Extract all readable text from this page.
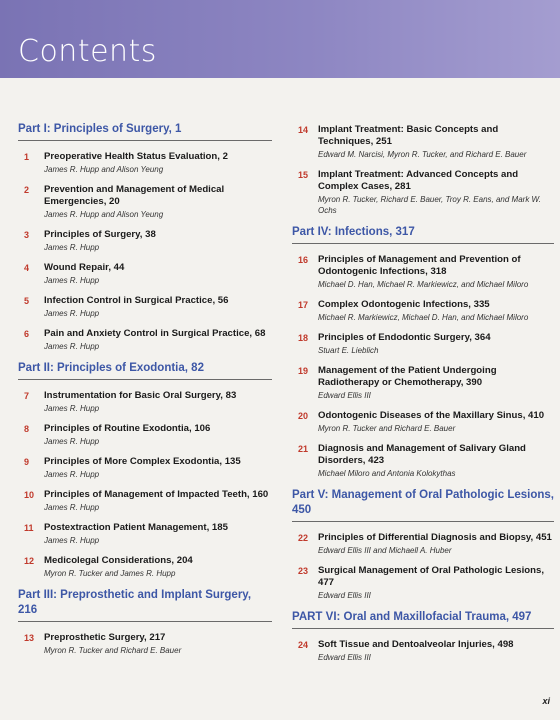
Contents
Part I: Principles of Surgery, 1
1	Preoperative Health Status Evaluation, 2
James R. Hupp and Alison Yeung
2	Prevention and Management of Medical Emergencies, 20
James R. Hupp and Alison Yeung
3	Principles of Surgery, 38
James R. Hupp
4	Wound Repair, 44
James R. Hupp
5	Infection Control in Surgical Practice, 56
James R. Hupp
6	Pain and Anxiety Control in Surgical Practice, 68
James R. Hupp
Part II: Principles of Exodontia, 82
7	Instrumentation for Basic Oral Surgery, 83
James R. Hupp
8	Principles of Routine Exodontia, 106
James R. Hupp
9	Principles of More Complex Exodontia, 135
James R. Hupp
10	Principles of Management of Impacted Teeth, 160
James R. Hupp
11	Postextraction Patient Management, 185
James R. Hupp
12	Medicolegal Considerations, 204
Myron R. Tucker and James R. Hupp
Part III: Preprosthetic and Implant Surgery, 216
13	Preprosthetic Surgery, 217
Myron R. Tucker and Richard E. Bauer
14	Implant Treatment: Basic Concepts and Techniques, 251
Edward M. Narcisi, Myron R. Tucker, and Richard E. Bauer
15	Implant Treatment: Advanced Concepts and Complex Cases, 281
Myron R. Tucker, Richard E. Bauer, Troy R. Eans, and Mark W. Ochs
Part IV: Infections, 317
16	Principles of Management and Prevention of Odontogenic Infections, 318
Michael D. Han, Michael R. Markiewicz, and Michael Miloro
17	Complex Odontogenic Infections, 335
Michael R. Markiewicz, Michael D. Han, and Michael Miloro
18	Principles of Endodontic Surgery, 364
Stuart E. Lieblich
19	Management of the Patient Undergoing Radiotherapy or Chemotherapy, 390
Edward Ellis III
20	Odontogenic Diseases of the Maxillary Sinus, 410
Myron R. Tucker and Richard E. Bauer
21	Diagnosis and Management of Salivary Gland Disorders, 423
Michael Miloro and Antonia Kolokythas
Part V: Management of Oral Pathologic Lesions, 450
22	Principles of Differential Diagnosis and Biopsy, 451
Edward Ellis III and Michaell A. Huber
23	Surgical Management of Oral Pathologic Lesions, 477
Edward Ellis III
PART VI: Oral and Maxillofacial Trauma, 497
24	Soft Tissue and Dentoalveolar Injuries, 498
Edward Ellis III
xi
